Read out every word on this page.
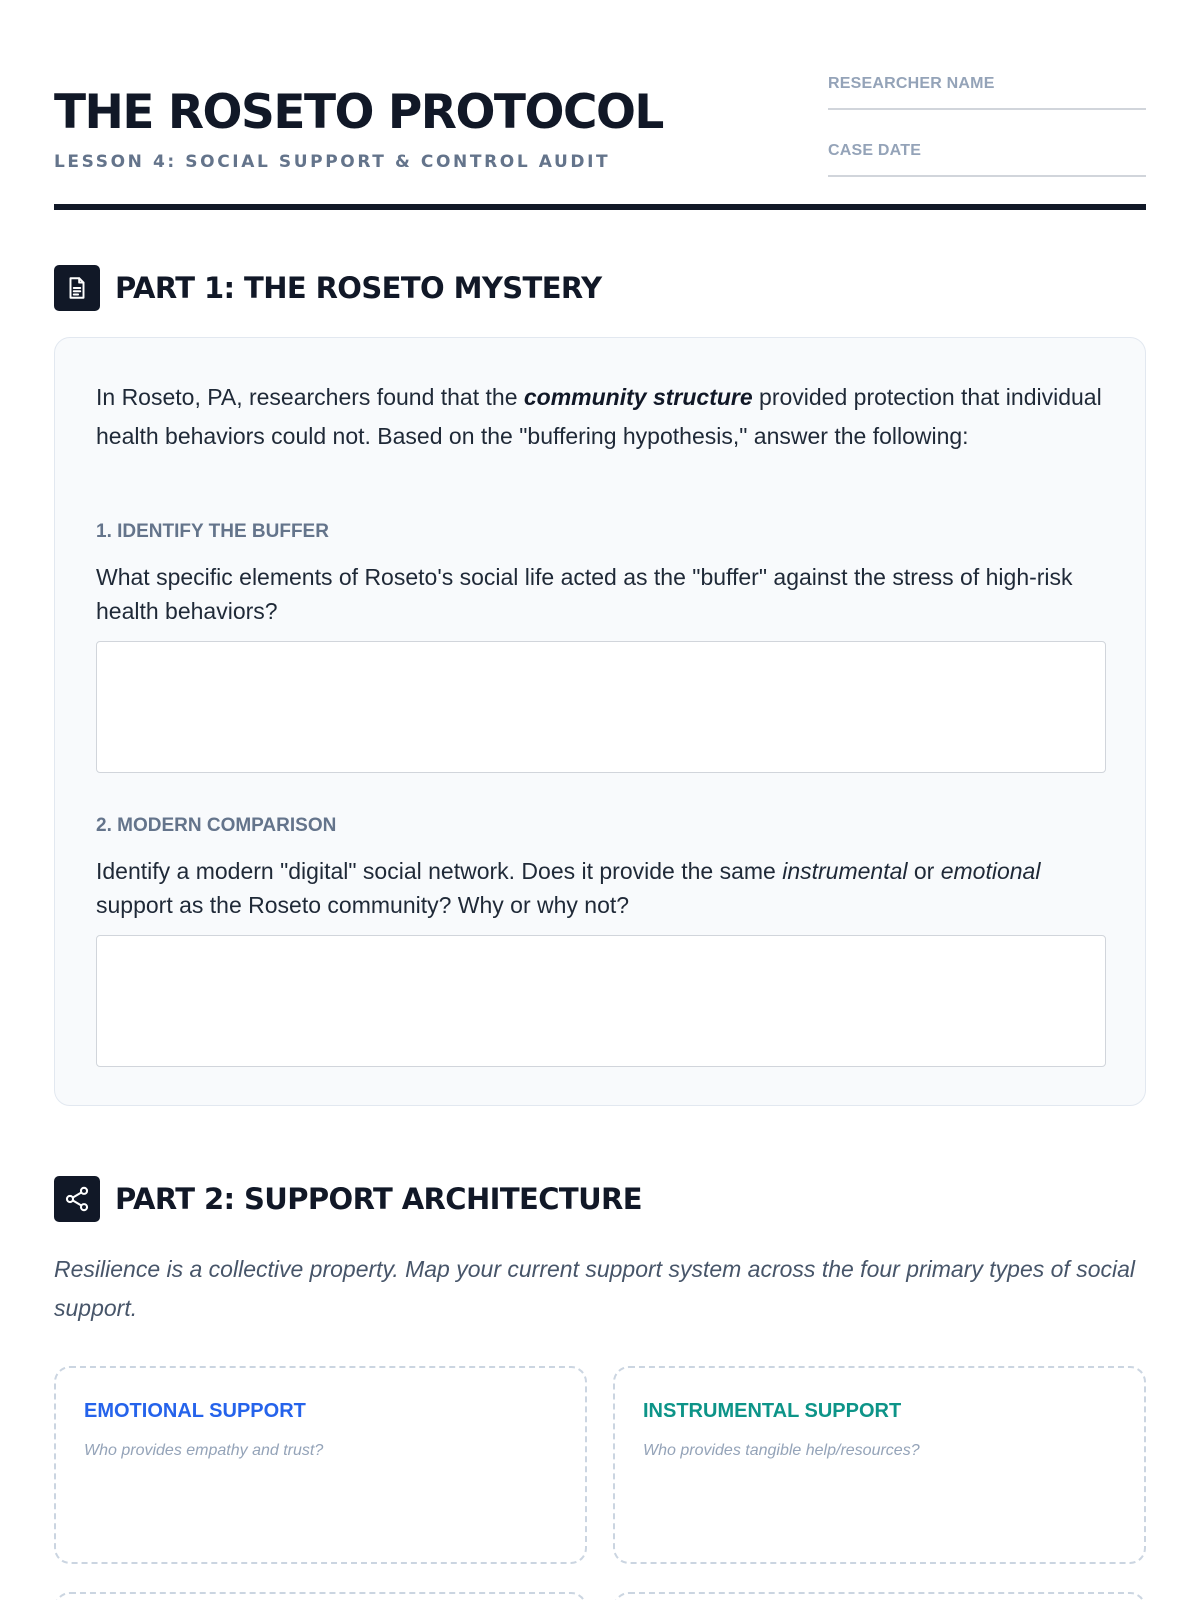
THE ROSETO PROTOCOL
LESSON 4: SOCIAL SUPPORT & CONTROL AUDIT
RESEARCHER NAME
CASE DATE
PART 1: THE ROSETO MYSTERY

In Roseto, PA, researchers found that the community structure provided protection that individual health behaviors could not. Based on the "buffering hypothesis," answer the following:

1. IDENTIFY THE BUFFER

What specific elements of Roseto's social life acted as the "buffer" against the stress of high-risk health behaviors?

2. MODERN COMPARISON

Identify a modern "digital" social network. Does it provide the same instrumental or emotional support as the Roseto community? Why or why not?

PART 2: SUPPORT ARCHITECTURE

Resilience is a collective property. Map your current support system across the four primary types of social support.

EMOTIONAL SUPPORT
Who provides empathy and trust?
INSTRUMENTAL SUPPORT
Who provides tangible help/resources?
